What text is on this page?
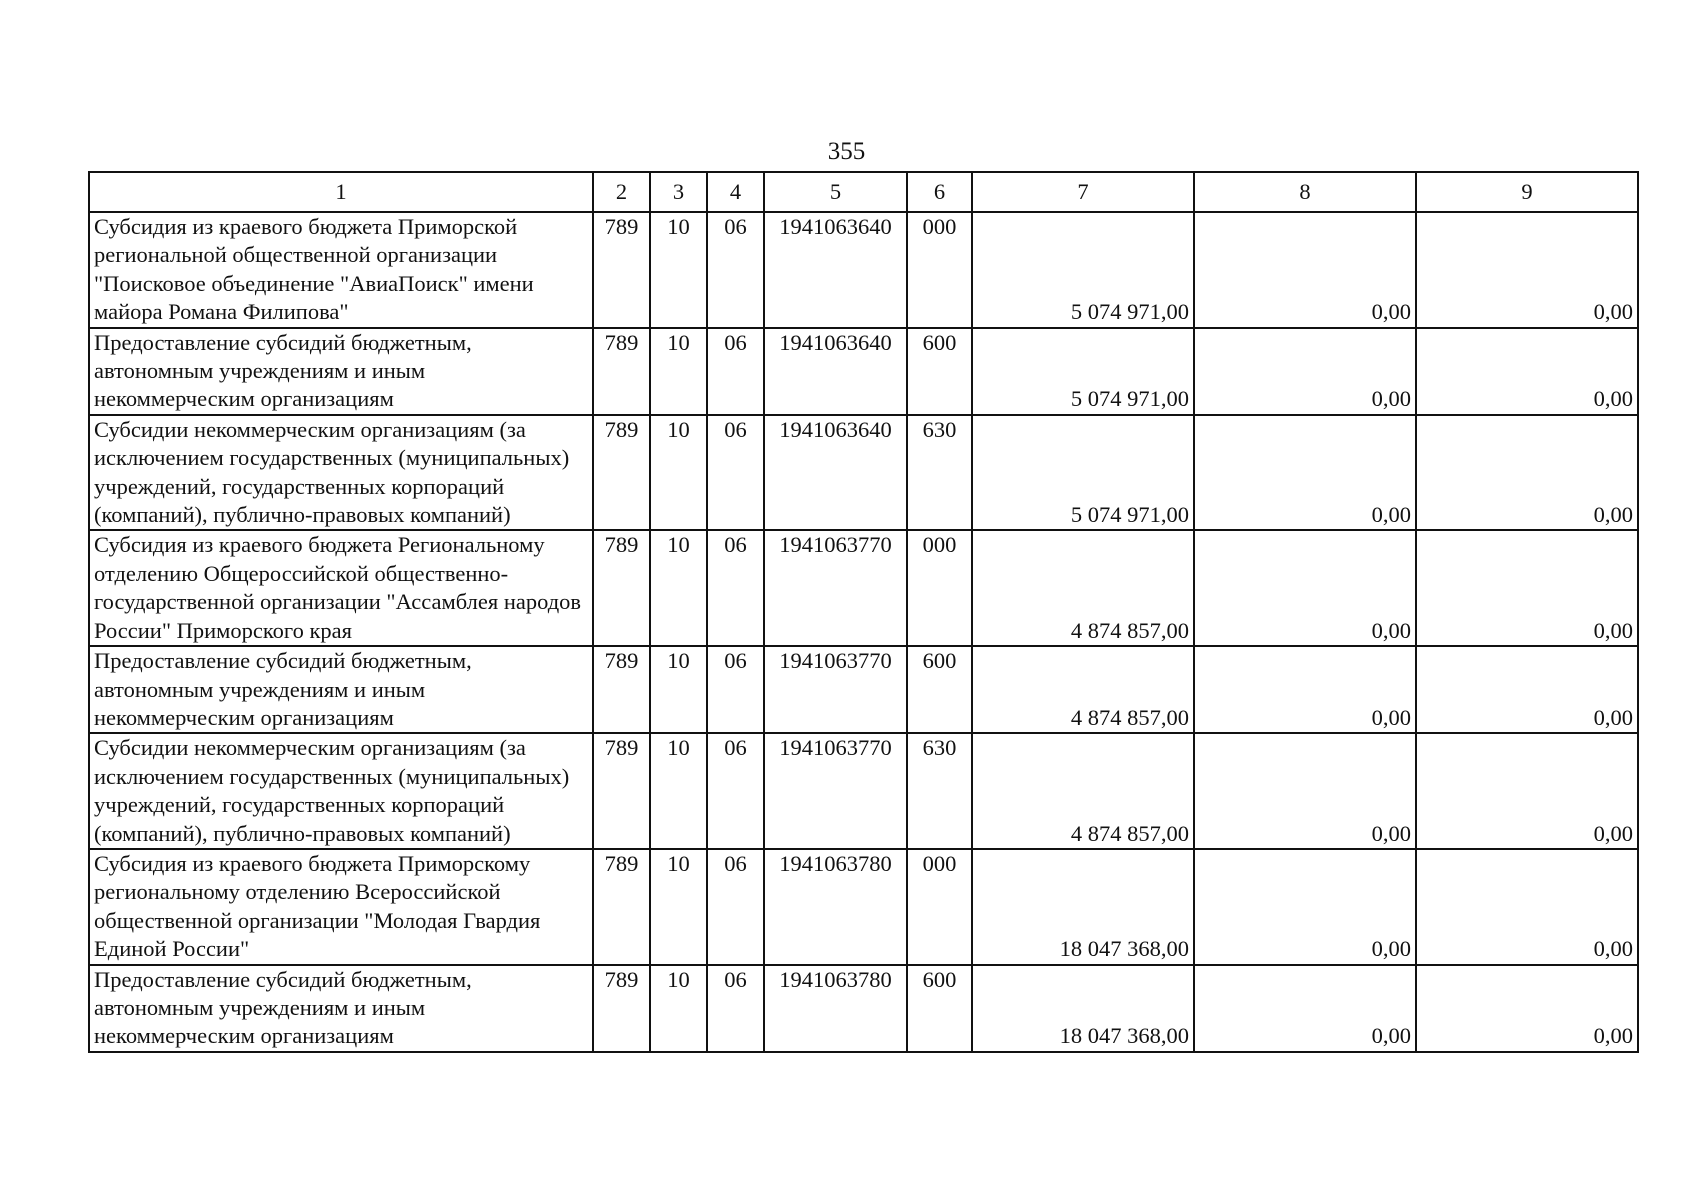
355
1	2	3	4	5	6	7	8	9
Субсидия из краевого бюджета Приморской региональной общественной организации "Поисковое объединение "АвиаПоиск" имени майора Романа Филипова"	789	10	06	1941063640	000	5 074 971,00	0,00	0,00
Предоставление субсидий бюджетным, автономным учреждениям и иным некоммерческим организациям	789	10	06	1941063640	600	5 074 971,00	0,00	0,00
Субсидии некоммерческим организациям (за исключением государственных (муниципальных) учреждений, государственных корпораций (компаний), публично-правовых компаний)	789	10	06	1941063640	630	5 074 971,00	0,00	0,00
Субсидия из краевого бюджета Региональному отделению Общероссийской общественно-государственной организации "Ассамблея народов России" Приморского края	789	10	06	1941063770	000	4 874 857,00	0,00	0,00
Предоставление субсидий бюджетным, автономным учреждениям и иным некоммерческим организациям	789	10	06	1941063770	600	4 874 857,00	0,00	0,00
Субсидии некоммерческим организациям (за исключением государственных (муниципальных) учреждений, государственных корпораций (компаний), публично-правовых компаний)	789	10	06	1941063770	630	4 874 857,00	0,00	0,00
Субсидия из краевого бюджета Приморскому региональному отделению Всероссийской общественной организации "Молодая Гвардия Единой России"	789	10	06	1941063780	000	18 047 368,00	0,00	0,00
Предоставление субсидий бюджетным, автономным учреждениям и иным некоммерческим организациям	789	10	06	1941063780	600	18 047 368,00	0,00	0,00
